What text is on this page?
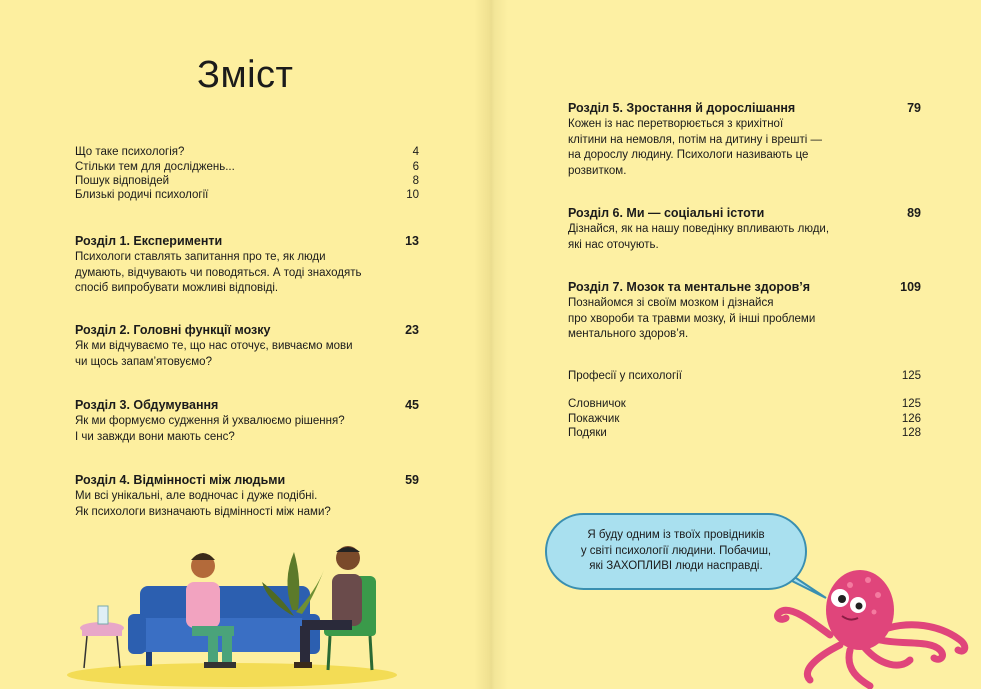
Зміст
Що таке психологія?	4
Стільки тем для досліджень...	6
Пошук відповідей	8
Близькі родичі психології	10
Розділ 1. Експерименти	13
Психологи ставлять запитання про те, як люди
думають, відчувають чи поводяться. А тоді знаходять
спосіб випробувати можливі відповіді.
Розділ 2. Головні функції мозку	23
Як ми відчуваємо те, що нас оточує, вивчаємо мови
чи щось запам’ятовуємо?
Розділ 3. Обдумування	45
Як ми формуємо судження й ухвалюємо рішення?
І чи завжди вони мають сенс?
Розділ 4. Відмінності між людьми	59
Ми всі унікальні, але водночас і дуже подібні.
Як психологи визначають відмінності між нами?
Розділ 5. Зростання й дорослішання	79
Кожен із нас перетворюється з крихітної
клітини на немовля, потім на дитину і врешті —
на дорослу людину. Психологи називають це
розвитком.
Розділ 6. Ми — соціальні істоти	89
Дізнайся, як на нашу поведінку впливають люди,
які нас оточують.
Розділ 7. Мозок та ментальне здоров’я	109
Познайомся зі своїм мозком і дізнайся
про хвороби та травми мозку, й інші проблеми
ментального здоров’я.
Професії у психології	125
Словничок	125
Покажчик	126
Подяки	128
Я буду одним із твоїх провідників
у світі психології людини. Побачиш,
які ЗАХОПЛИВІ люди насправді.
